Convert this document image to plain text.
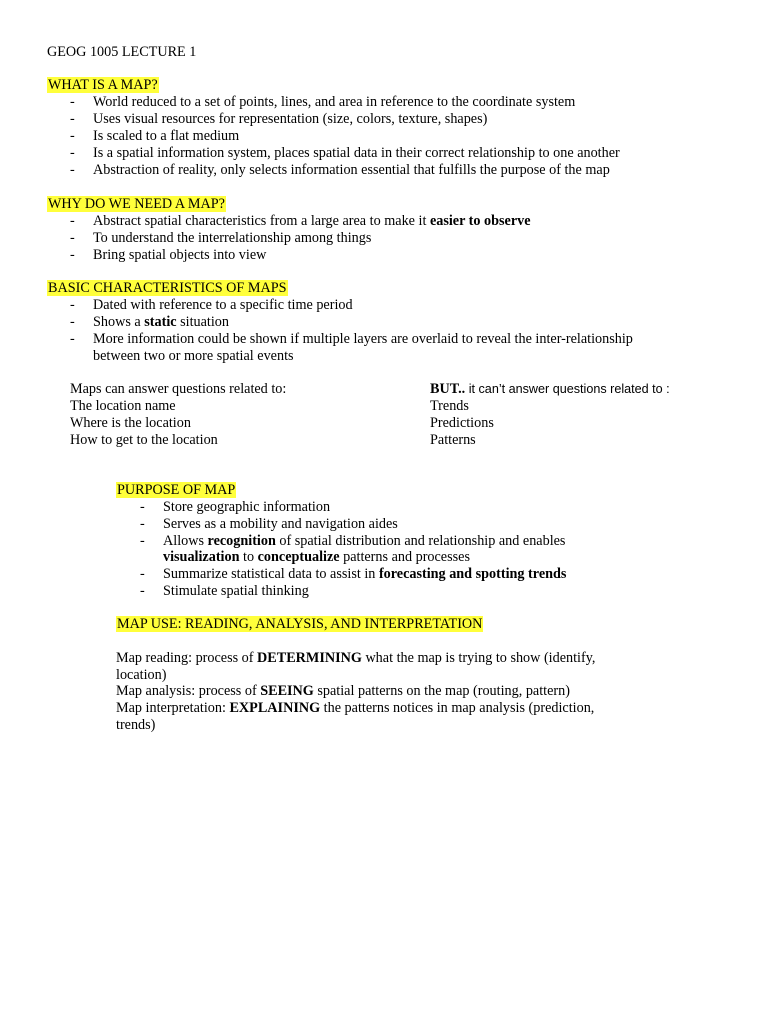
GEOG 1005 LECTURE 1
WHAT IS A MAP?
- World reduced to a set of points, lines, and area in reference to the coordinate system
- Uses visual resources for representation (size, colors, texture, shapes)
- Is scaled to a flat medium
- Is a spatial information system, places spatial data in their correct relationship to one another
- Abstraction of reality, only selects information essential that fulfills the purpose of the map
WHY DO WE NEED A MAP?
- Abstract spatial characteristics from a large area to make it easier to observe
- To understand the interrelationship among things
- Bring spatial objects into view
BASIC CHARACTERISTICS OF MAPS
- Dated with reference to a specific time period
- Shows a static situation
- More information could be shown if multiple layers are overlaid to reveal the inter-relationship
between two or more spatial events
Maps can answer questions related to:
The location name
Where is the location
How to get to the location
BUT.. it can’t answer questions related to :
Trends
Predictions
Patterns
PURPOSE OF MAP
- Store geographic information
- Serves as a mobility and navigation aides
- Allows recognition of spatial distribution and relationship and enables
visualization to conceptualize patterns and processes
- Summarize statistical data to assist in forecasting and spotting trends
- Stimulate spatial thinking
MAP USE: READING, ANALYSIS, AND INTERPRETATION
Map reading: process of DETERMINING what the map is trying to show (identify,
location)
Map analysis: process of SEEING spatial patterns on the map (routing, pattern)
Map interpretation: EXPLAINING the patterns notices in map analysis (prediction,
trends)
